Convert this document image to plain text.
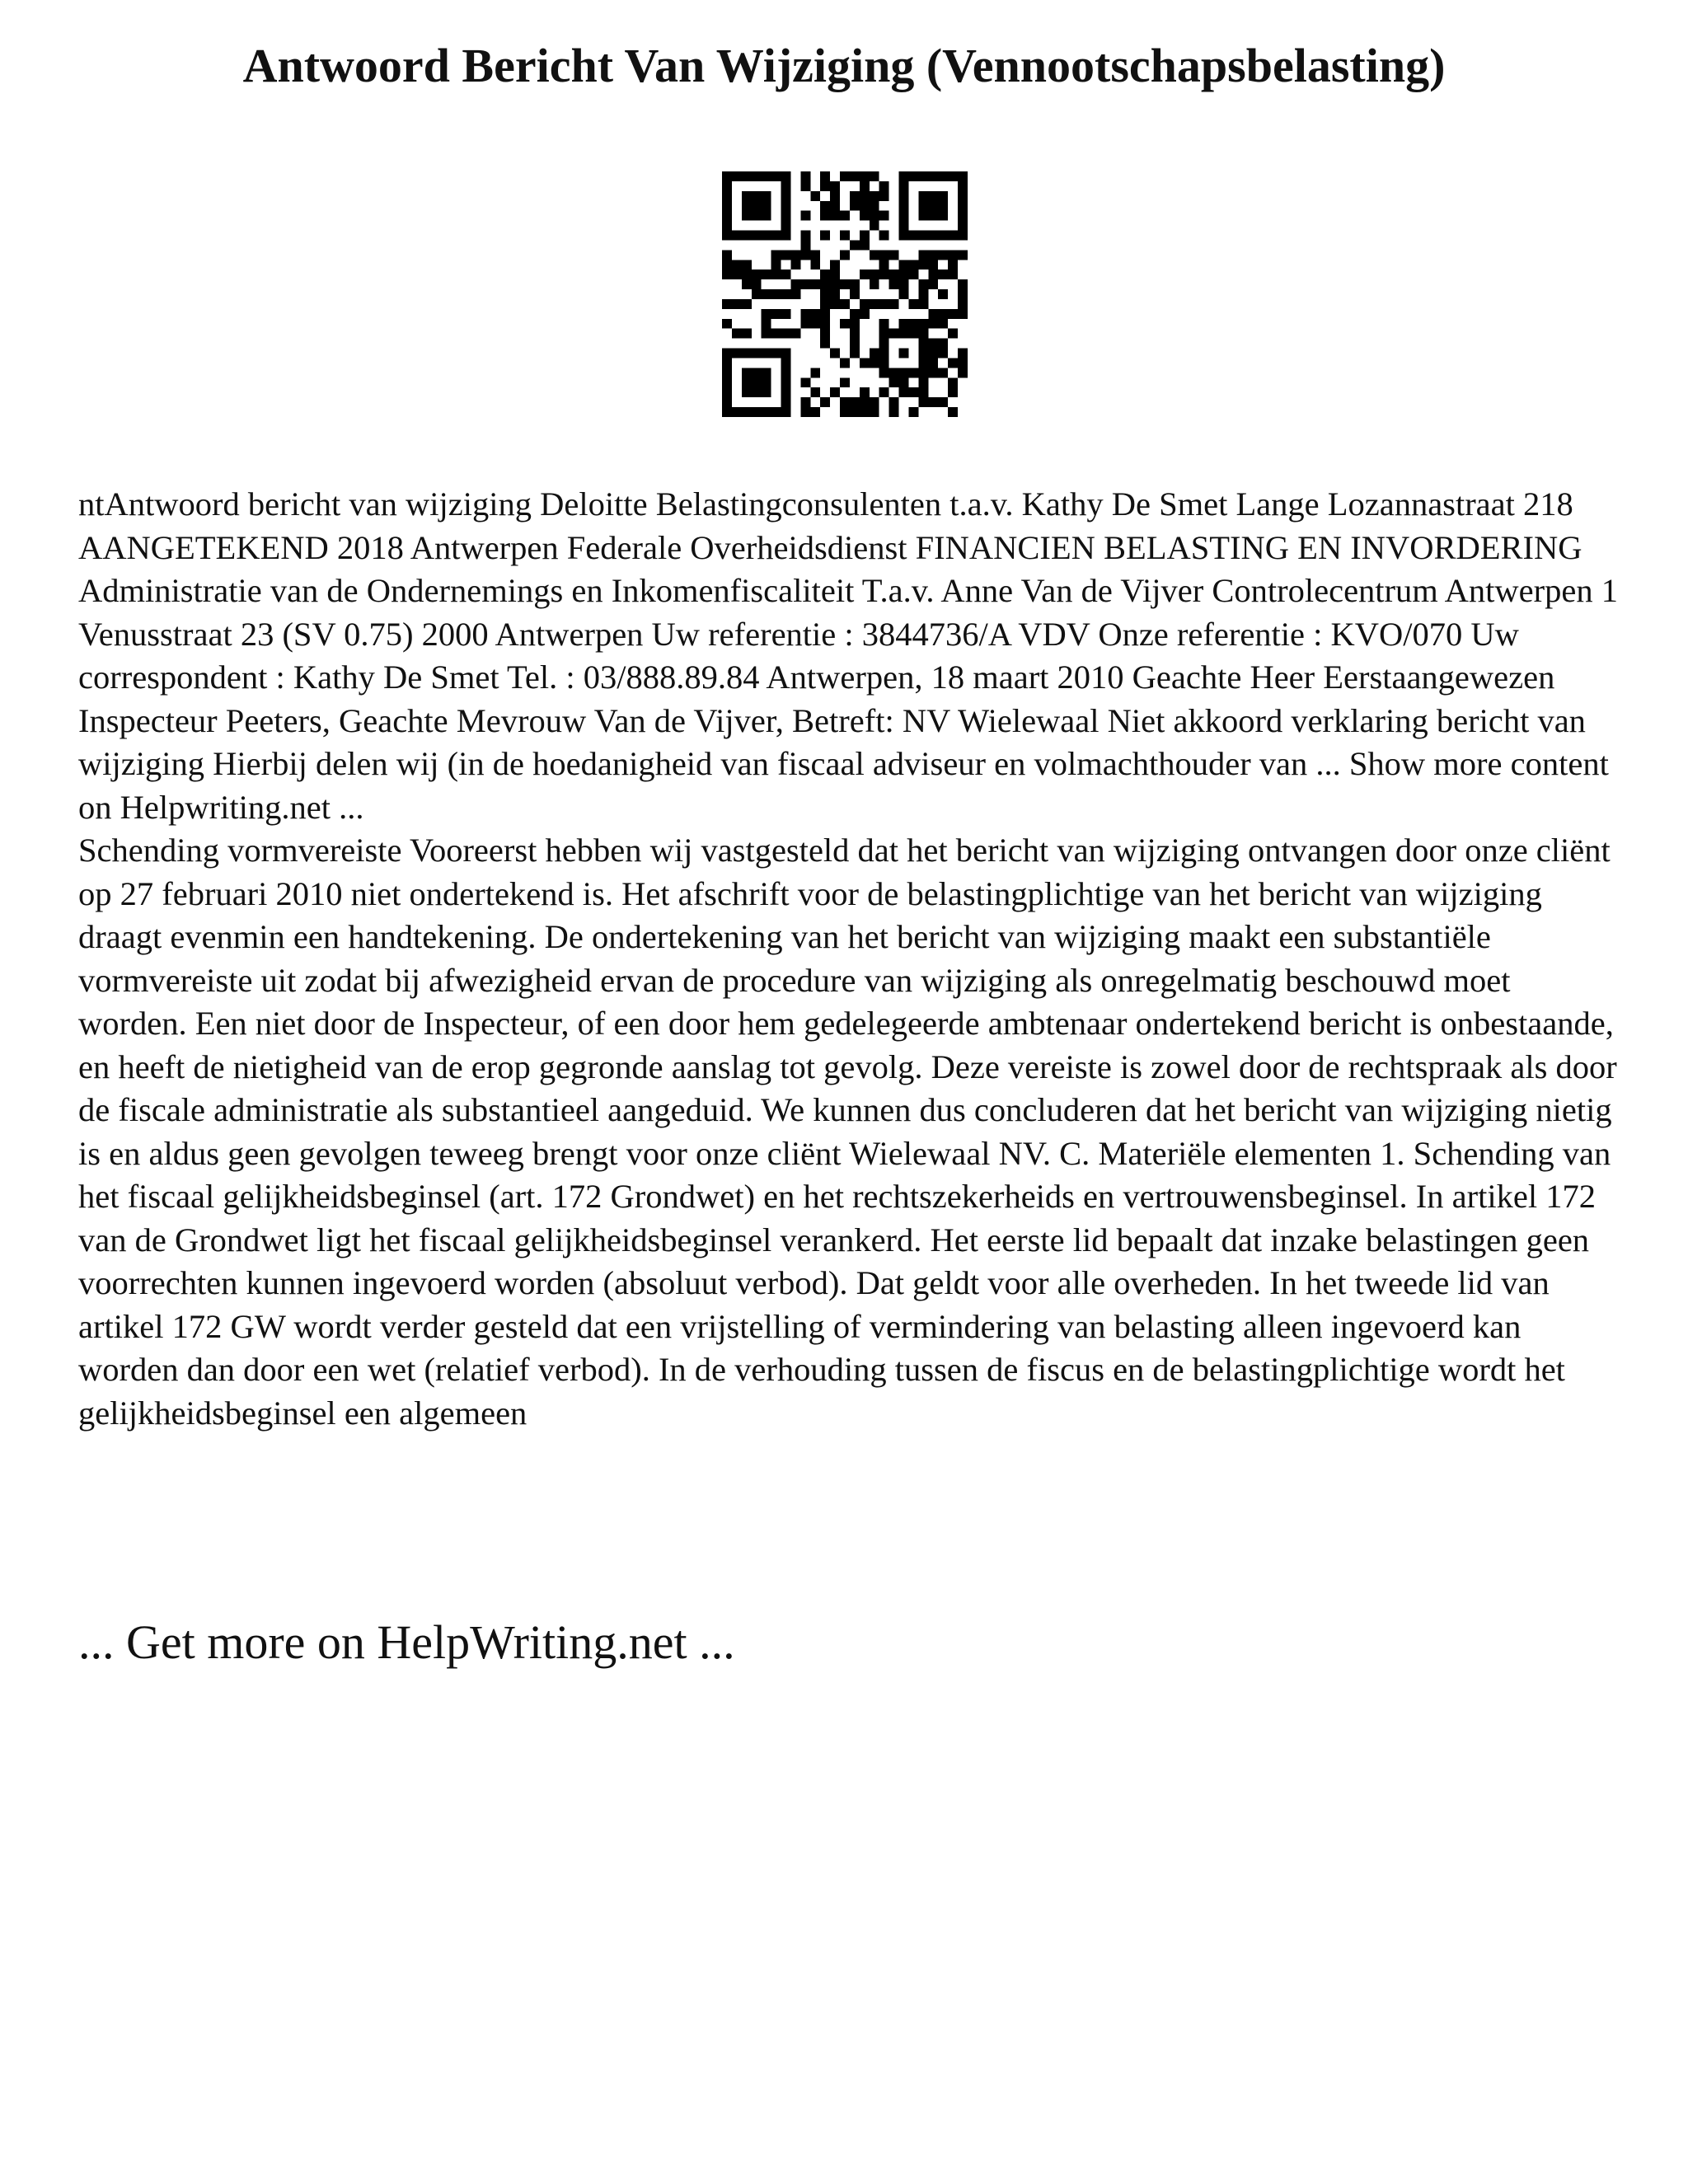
Antwoord Bericht Van Wijziging (Vennootschapsbelasting)

ntAntwoord bericht van wijziging Deloitte Belastingconsulenten t.a.v. Kathy De Smet Lange Lozannastraat 218 AANGETEKEND 2018 Antwerpen Federale Overheidsdienst FINANCIEN BELASTING EN INVORDERING Administratie van de Ondernemings en Inkomenfiscaliteit T.a.v. Anne Van de Vijver Controlecentrum Antwerpen 1 Venusstraat 23 (SV 0.75) 2000 Antwerpen Uw referentie : 3844736/A VDV Onze referentie : KVO/070 Uw correspondent : Kathy De Smet Tel. : 03/888.89.84 Antwerpen, 18 maart 2010 Geachte Heer Eerstaangewezen Inspecteur Peeters, Geachte Mevrouw Van de Vijver, Betreft: NV Wielewaal Niet akkoord verklaring bericht van wijziging Hierbij delen wij (in de hoedanigheid van fiscaal adviseur en volmachthouder van ... Show more content on Helpwriting.net ...

Schending vormvereiste Vooreerst hebben wij vastgesteld dat het bericht van wijziging ontvangen door onze cliënt op 27 februari 2010 niet ondertekend is. Het afschrift voor de belastingplichtige van het bericht van wijziging draagt evenmin een handtekening. De ondertekening van het bericht van wijziging maakt een substantiële vormvereiste uit zodat bij afwezigheid ervan de procedure van wijziging als onregelmatig beschouwd moet worden. Een niet door de Inspecteur, of een door hem gedelegeerde ambtenaar ondertekend bericht is onbestaande, en heeft de nietigheid van de erop gegronde aanslag tot gevolg. Deze vereiste is zowel door de rechtspraak als door de fiscale administratie als substantieel aangeduid. We kunnen dus concluderen dat het bericht van wijziging nietig is en aldus geen gevolgen teweeg brengt voor onze cliënt Wielewaal NV. C. Materiële elementen 1. Schending van het fiscaal gelijkheidsbeginsel (art. 172 Grondwet) en het rechtszekerheids en vertrouwensbeginsel. In artikel 172 van de Grondwet ligt het fiscaal gelijkheidsbeginsel verankerd. Het eerste lid bepaalt dat inzake belastingen geen voorrechten kunnen ingevoerd worden (absoluut verbod). Dat geldt voor alle overheden. In het tweede lid van artikel 172 GW wordt verder gesteld dat een vrijstelling of vermindering van belasting alleen ingevoerd kan worden dan door een wet (relatief verbod). In de verhouding tussen de fiscus en de belastingplichtige wordt het gelijkheidsbeginsel een algemeen

... Get more on HelpWriting.net ...
